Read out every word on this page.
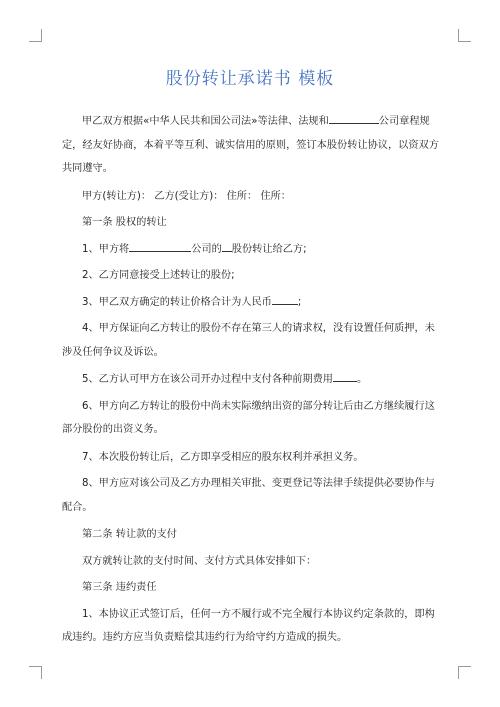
股份转让承诺书 模板

甲乙双方根据«中华人民共和国公司法»等法律、法规和	公司章程规定，经友好协商，本着平等互利、诚实信用的原则，签订本股份转让协议，以资双方共同遵守。

甲方(转让方)： 乙方(受让方)： 住所： 住所：

第一条 股权的转让

1、甲方将	公司的 股份转让给乙方;

2、乙方同意接受上述转让的股份;

3、甲乙双方确定的转让价格合计为人民币	;

4、甲方保证向乙方转让的股份不存在第三人的请求权，没有设置任何质押，未涉及任何争议及诉讼。

5、乙方认可甲方在该公司开办过程中支付各种前期费用 。

6、甲方向乙方转让的股份中尚未实际缴纳出资的部分转让后由乙方继续履行这部分股份的出资义务。

7、本次股份转让后，乙方即享受相应的股东权利并承担义务。

8、甲方应对该公司及乙方办理相关审批、变更登记等法律手续提供必要协作与配合。

第二条 转让款的支付

双方就转让款的支付时间、支付方式具体安排如下：

第三条 违约责任

1、本协议正式签订后，任何一方不履行或不完全履行本协议约定条款的，即构成违约。违约方应当负责赔偿其违约行为给守约方造成的损失。
